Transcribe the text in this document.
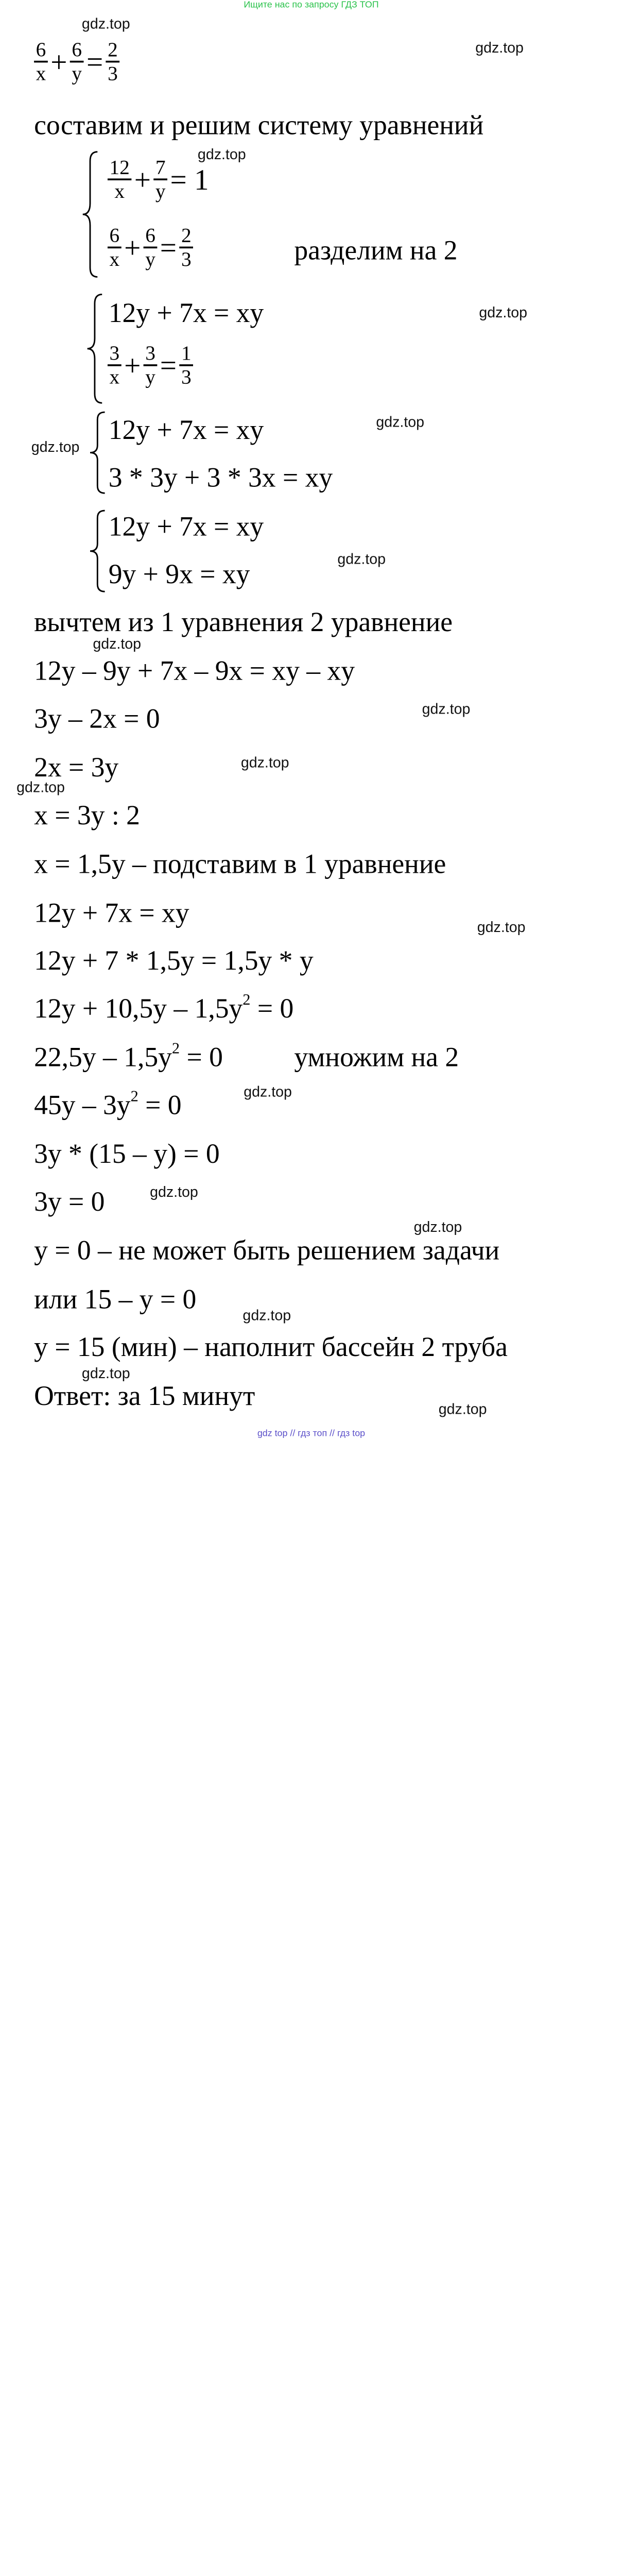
Ищите нас по запросу ГДЗ ТОП
$\frac{6}{x} + \frac{6}{y} = \frac{2}{3}$
составим и решим систему уравнений
$\frac{12}{x} + \frac{7}{y} = 1$
$\frac{6}{x} + \frac{6}{y} = \frac{2}{3}$	разделим на 2
12y + 7x = xy
$\frac{3}{x} + \frac{3}{y} = \frac{1}{3}$
12y + 7x = xy
3 * 3y + 3 * 3x = xy
12y + 7x = xy
9y + 9x = xy
вычтем из 1 уравнения 2 уравнение
12y – 9y + 7x – 9x = xy – xy
3y – 2x = 0
2x = 3y
x = 3y : 2
x = 1,5y – подставим в 1 уравнение
12y + 7x = xy
12y + 7 * 1,5y = 1,5y * y
$12y + 10,5y - 1,5y^2 = 0$
$22,5y - 1,5y^2 = 0$	умножим на 2
$45y - 3y^2 = 0$
3y * (15 – y) = 0
3y = 0
y = 0 – не может быть решением задачи
или 15 – y = 0
y = 15 (мин) – наполнит бассейн 2 труба
Ответ: за 15 минут
gdz.top
gdz.top
gdz.top
gdz.top
gdz.top
gdz.top
gdz.top
gdz.top
gdz.top
gdz.top
gdz.top
gdz.top
gdz.top
gdz.top
gdz.top
gdz.top
gdz.top
gdz.top
gdz top // гдз топ // гдз top
